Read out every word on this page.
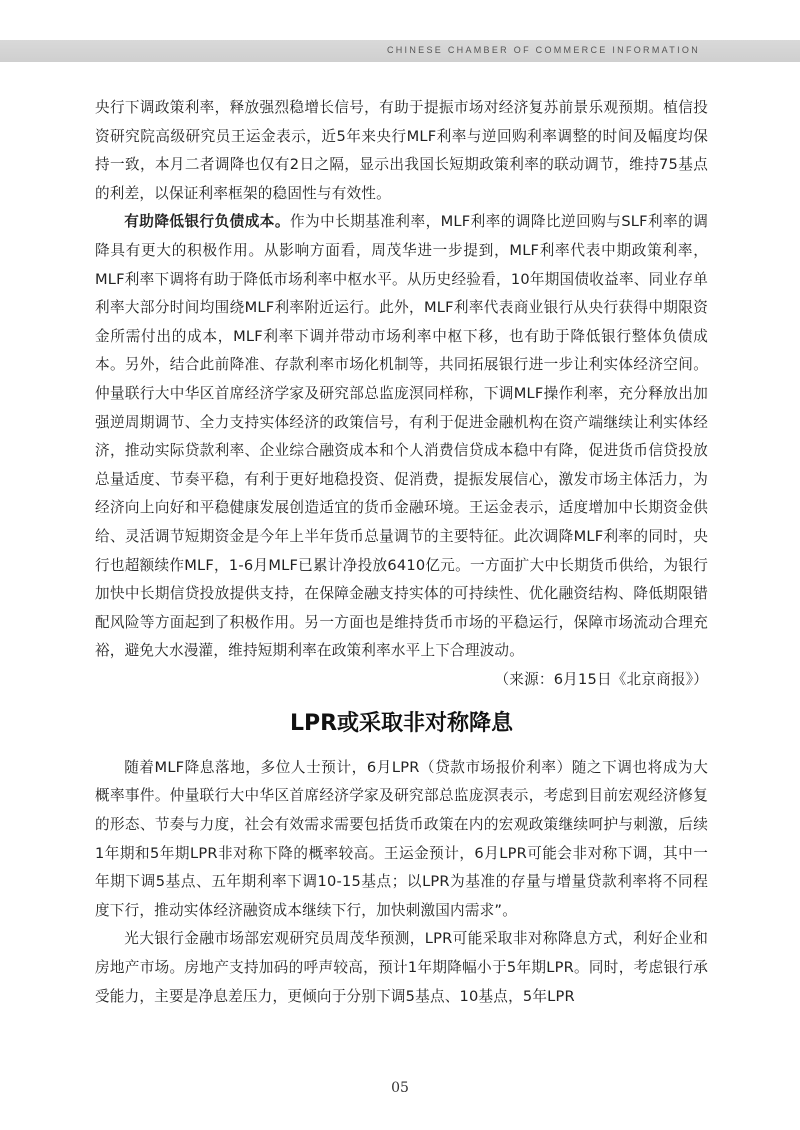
CHINESE CHAMBER OF COMMERCE INFORMATION

央行下调政策利率，释放强烈稳增长信号，有助于提振市场对经济复苏前景乐观预期。植信投资研究院高级研究员王运金表示，近5年来央行MLF利率与逆回购利率调整的时间及幅度均保持一致，本月二者调降也仅有2日之隔，显示出我国长短期政策利率的联动调节，维持75基点的利差，以保证利率框架的稳固性与有效性。

有助降低银行负债成本。作为中长期基准利率，MLF利率的调降比逆回购与SLF利率的调降具有更大的积极作用。从影响方面看，周茂华进一步提到，MLF利率代表中期政策利率，MLF利率下调将有助于降低市场利率中枢水平。从历史经验看，10年期国债收益率、同业存单利率大部分时间均围绕MLF利率附近运行。此外，MLF利率代表商业银行从央行获得中期限资金所需付出的成本，MLF利率下调并带动市场利率中枢下移，也有助于降低银行整体负债成本。另外，结合此前降准、存款利率市场化机制等，共同拓展银行进一步让利实体经济空间。仲量联行大中华区首席经济学家及研究部总监庞溟同样称，下调MLF操作利率，充分释放出加强逆周期调节、全力支持实体经济的政策信号，有利于促进金融机构在资产端继续让利实体经济，推动实际贷款利率、企业综合融资成本和个人消费信贷成本稳中有降，促进货币信贷投放总量适度、节奏平稳，有利于更好地稳投资、促消费，提振发展信心，激发市场主体活力，为经济向上向好和平稳健康发展创造适宜的货币金融环境。王运金表示，适度增加中长期资金供给、灵活调节短期资金是今年上半年货币总量调节的主要特征。此次调降MLF利率的同时，央行也超额续作MLF，1-6月MLF已累计净投放6410亿元。一方面扩大中长期货币供给，为银行加快中长期信贷投放提供支持，在保障金融支持实体的可持续性、优化融资结构、降低期限错配风险等方面起到了积极作用。另一方面也是维持货币市场的平稳运行，保障市场流动合理充裕，避免大水漫灌，维持短期利率在政策利率水平上下合理波动。
（来源：6月15日《北京商报》）

LPR或采取非对称降息

随着MLF降息落地，多位人士预计，6月LPR（贷款市场报价利率）随之下调也将成为大概率事件。仲量联行大中华区首席经济学家及研究部总监庞溟表示，考虑到目前宏观经济修复的形态、节奏与力度，社会有效需求需要包括货币政策在内的宏观政策继续呵护与刺激，后续1年期和5年期LPR非对称下降的概率较高。王运金预计，6月LPR可能会非对称下调，其中一年期下调5基点、五年期利率下调10-15基点；以LPR为基准的存量与增量贷款利率将不同程度下行，推动实体经济融资成本继续下行，加快刺激国内需求”。

光大银行金融市场部宏观研究员周茂华预测，LPR可能采取非对称降息方式，利好企业和房地产市场。房地产支持加码的呼声较高，预计1年期降幅小于5年期LPR。同时，考虑银行承受能力，主要是净息差压力，更倾向于分别下调5基点、10基点，5年LPR

05
